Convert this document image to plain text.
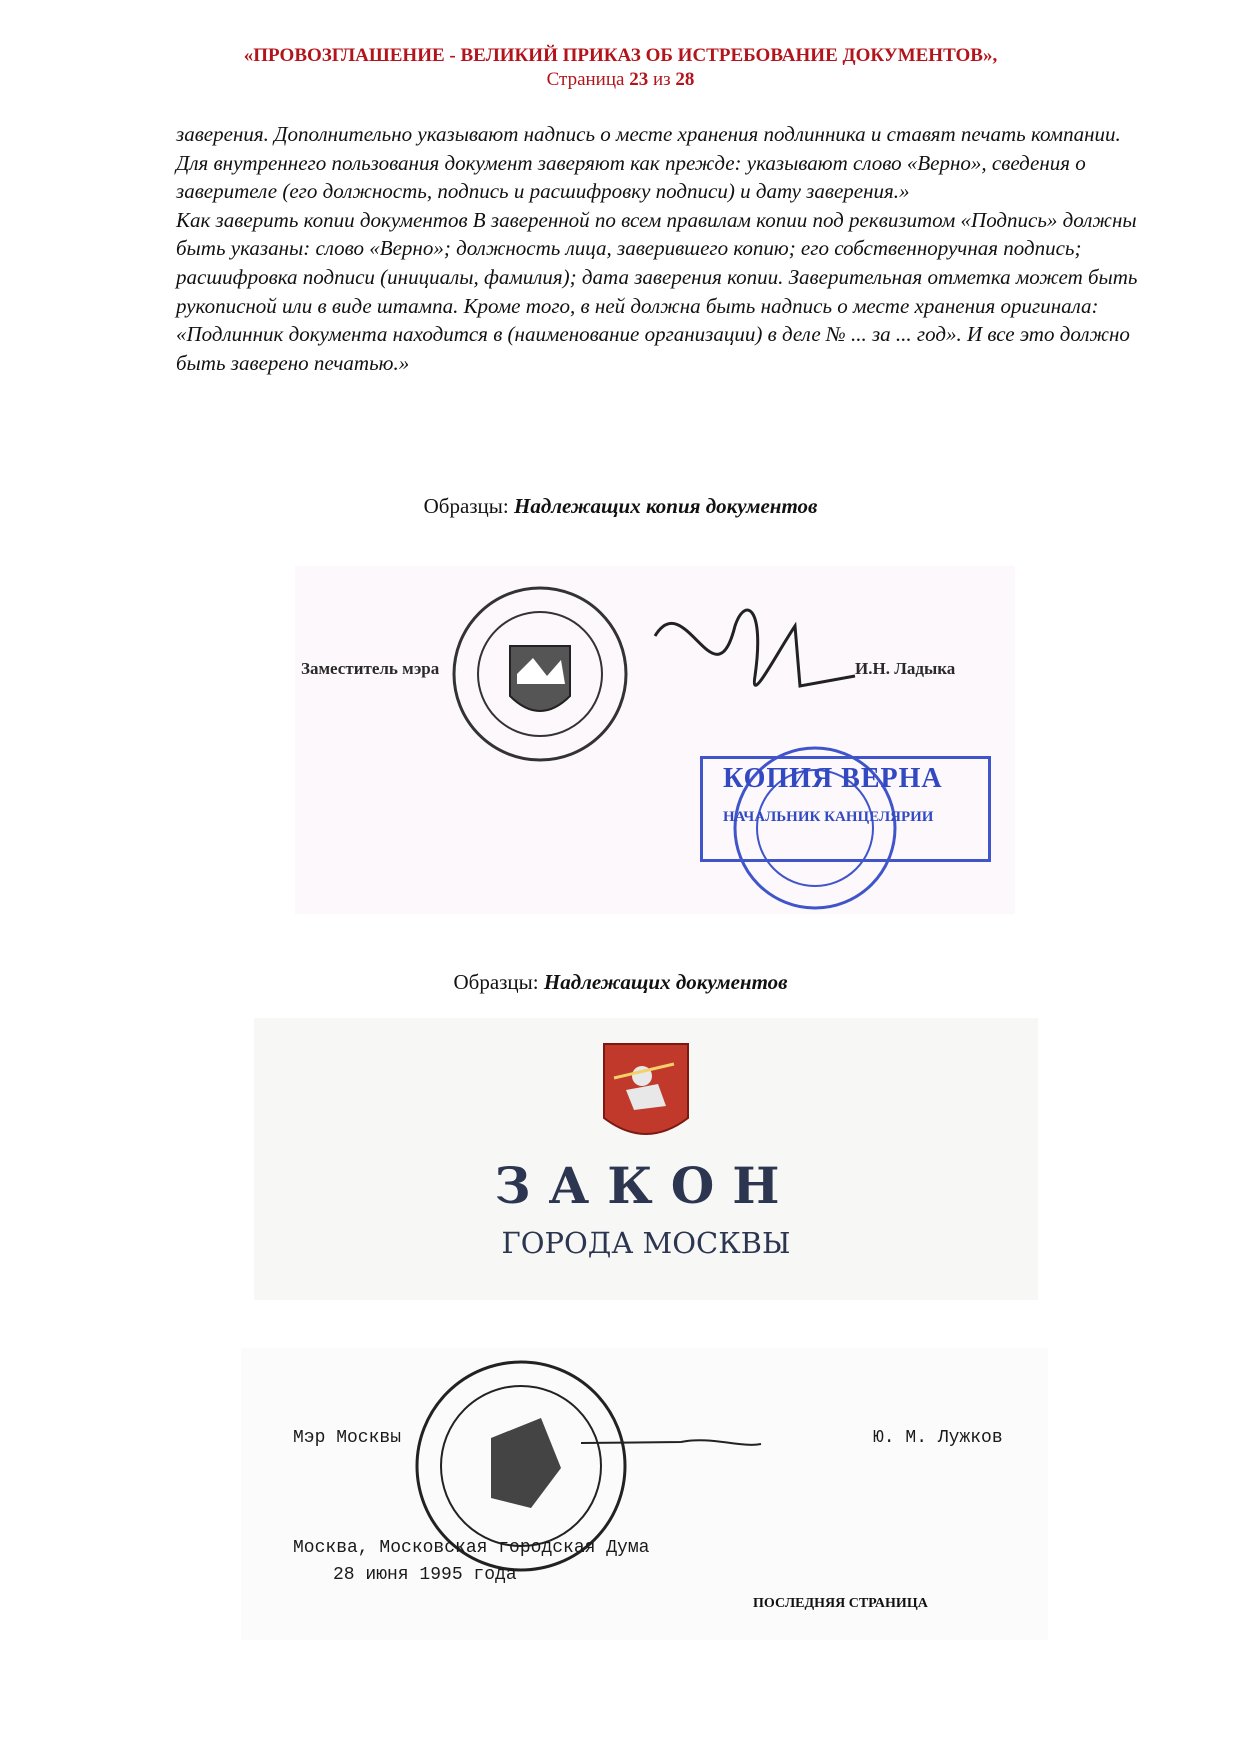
«ПРОВОЗГЛАШЕНИЕ - ВЕЛИКИЙ ПРИКАЗ ОБ ИСТРЕБОВАНИЕ ДОКУМЕНТОВ»,
Страница 23 из 28

заверения. Дополнительно указывают надпись о месте хранения подлинника и ставят печать компании.

Для внутреннего пользования документ заверяют как прежде: указывают слово «Верно», сведения о заверителе (его должность, подпись и расшифровку подписи) и дату заверения.»

Как заверить копии документов В заверенной по всем правилам копии под реквизитом «Подпись» должны быть указаны: слово «Верно»; должность лица, заверившего копию; его собственноручная подпись; расшифровка подписи (инициалы, фамилия); дата заверения копии. Заверительная отметка может быть рукописной или в виде штампа. Кроме того, в ней должна быть надпись о месте хранения оригинала: «Подлинник документа находится в (наименование организации) в деле № ... за ... год». И все это должно быть заверено печатью.»

Образцы: Надлежащих копия документов
Заместитель мэра	И.Н. Ладыка
КОПИЯ ВЕРНА
НАЧАЛЬНИК КАНЦЕЛЯРИИ
Образцы: Надлежащих документов
ЗАКОН
ГОРОДА МОСКВЫ
Мэр Москвы	Ю. М. Лужков
Москва, Московская городская Дума
28 июня 1995 года
ПОСЛЕДНЯЯ СТРАНИЦА
